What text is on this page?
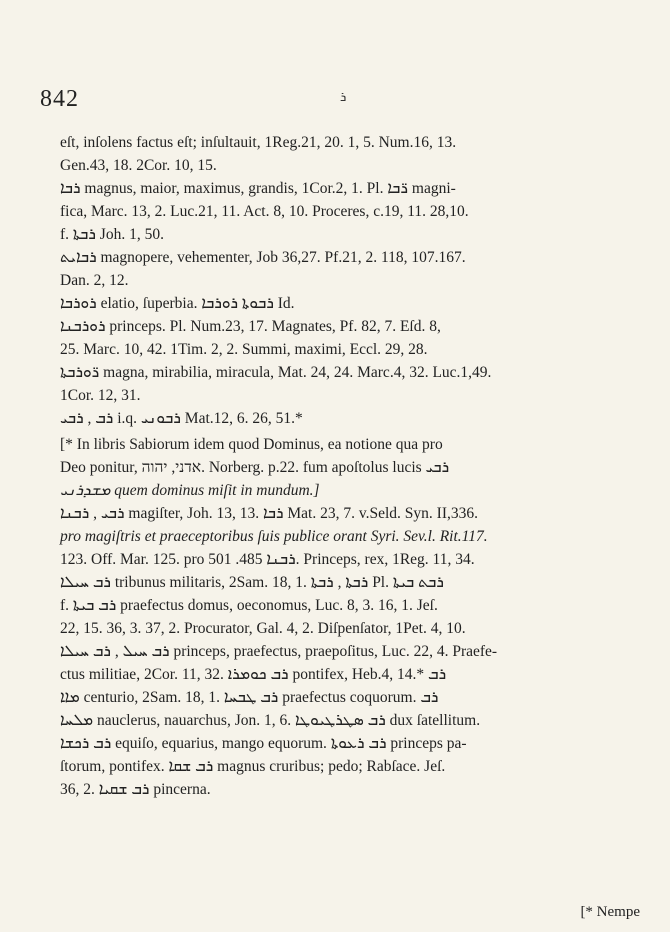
842	ܪ
eſt, inſolens factus eſt; inſultauit, 1Reg.21, 20. 1, 5. Num.16, 13.
Gen.43, 18. 2Cor. 10, 15.
ܪܒܐ magnus, maior, maximus, grandis, 1Cor.2, 1. Pl. ܪ̈ܒܐ magni-
fica, Marc. 13, 2. Luc.21, 11. Act. 8, 10. Proceres, c.19, 11. 28,10.
f. ܪܒܬܐ Joh. 1, 50.
ܪܒܐܝܬ magnopere, vehementer, Job 36,27. Pf.21, 2. 118, 107.167.
Dan. 2, 12.
ܪܘܪܒܐ elatio, ſuperbia. ܪܒܘܬܐ ܪܘܪܒܐ Id.
ܪܘܪܒܢܐ princeps. Pl. Num.23, 17. Magnates, Pf. 82, 7. Eſd. 8,
25. Marc. 10, 42. 1Tim. 2, 2. Summi, maximi, Eccl. 29, 28.
ܪ̈ܘܪܒܬܐ magna, mirabilia, miracula, Mat. 24, 24. Marc.4, 32. Luc.1,49.
1Cor. 12, 31.
ܪܒ , ܪܒܝ i.q. ܪܒܘܢܝ Mat.12, 6. 26, 51.*
[* In libris Sabiorum idem quod Dominus, ea notione qua pro
Deo ponitur, אדני, יהוה. Norberg. p.22. fum apoſtolus lucis ܪܒܝ
ܡܫܕܪܢܝ quem dominus miſit in mundum.]
ܪܒܝ , ܪܒܢܐ magiſter, Joh. 13, 13. ܪܒܐ Mat. 23, 7. v.Seld. Syn. II,336.
pro magiſtris et praeceptoribus ſuis publice orant Syri. Sev.l. Rit.117.
123. Off. Mar. 125. pro ܪܒܢܐ 485. 501. Princeps, rex, 1Reg. 11, 34.
ܪܒ ܚܝܠܐ tribunus militaris, 2Sam. 18, 1. ܪܒܬܐ , ܪܒܬܐ Pl. ܪܒܬ ܒܝܬܐ
f. ܪܒ ܒܝܬܐ praefectus domus, oeconomus, Luc. 8, 3. 16, 1. Jeſ.
22, 15. 36, 3. 37, 2. Procurator, Gal. 4, 2. Diſpenſator, 1Pet. 4, 10.
ܪܒ ܚܝܠ , ܪܒ ܚܝܠܐ princeps, praefectus, praepoſitus, Luc. 22, 4. Praefe-
ctus militiae, 2Cor. 11, 32. ܪܒ ܟܘܡܪܐ pontifex, Heb.4, 14.* ܪܒ
ܡܐܐ centurio, 2Sam. 18, 1. ܪܒ ܛܒܚܐ praefectus coquorum. ܪܒ
ܡܠܚܐ nauclerus, nauarchus, Jon. 1, 6. ܪܒ ܣܛܪܛܝܘܛܐ dux ſatellitum.
ܪܒ ܪܟܫܐ equiſo, equarius, mango equorum. ܪܒ ܪܥܘܬܐ princeps pa-
ſtorum, pontifex. ܪܒ ܫܩܐ magnus cruribus; pedo; Rabſace. Jeſ.
36, 2. ܪܒ ܫܩܝܐ pincerna.
[* Nempe
